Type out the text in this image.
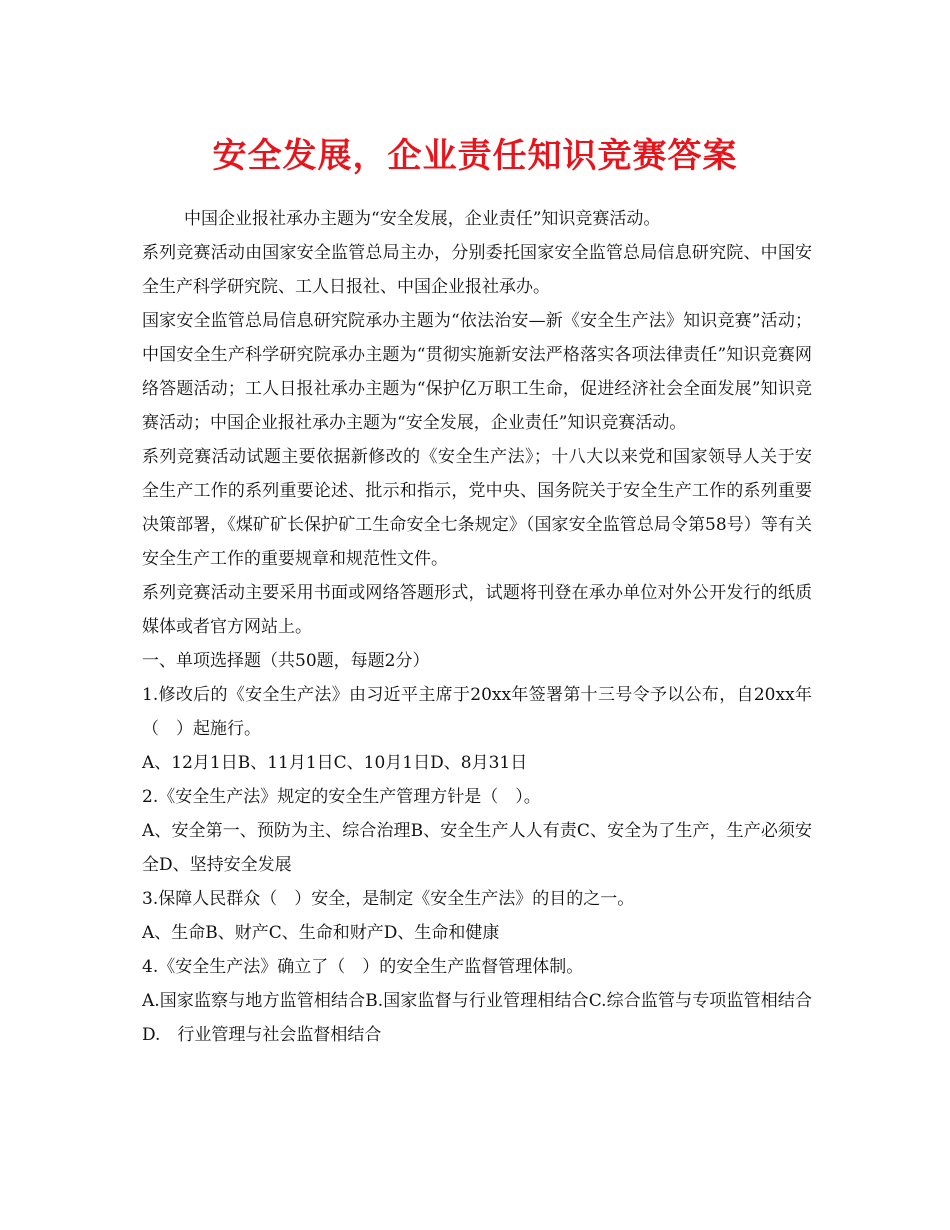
安全发展，企业责任知识竞赛答案

中国企业报社承办主题为“安全发展，企业责任”知识竞赛活动。

系列竞赛活动由国家安全监管总局主办，分别委托国家安全监管总局信息研究院、中国安全生产科学研究院、工人日报社、中国企业报社承办。

国家安全监管总局信息研究院承办主题为“依法治安—新《安全生产法》知识竞赛”活动；中国安全生产科学研究院承办主题为“贯彻实施新安法严格落实各项法律责任”知识竞赛网络答题活动；工人日报社承办主题为“保护亿万职工生命，促进经济社会全面发展”知识竞赛活动；中国企业报社承办主题为“安全发展，企业责任”知识竞赛活动。

系列竞赛活动试题主要依据新修改的《安全生产法》；十八大以来党和国家领导人关于安全生产工作的系列重要论述、批示和指示，党中央、国务院关于安全生产工作的系列重要决策部署，《煤矿矿长保护矿工生命安全七条规定》（国家安全监管总局令第58号）等有关安全生产工作的重要规章和规范性文件。

系列竞赛活动主要采用书面或网络答题形式，试题将刊登在承办单位对外公开发行的纸质媒体或者官方网站上。

一、单项选择题（共50题，每题2分）

1.修改后的《安全生产法》由习近平主席于20xx年签署第十三号令予以公布，自20xx年（　）起施行。

A、12月1日B、11月1日C、10月1日D、8月31日

2.《安全生产法》规定的安全生产管理方针是（　）。

A、安全第一、预防为主、综合治理B、安全生产人人有责C、安全为了生产，生产必须安全D、坚持安全发展

3.保障人民群众（　）安全，是制定《安全生产法》的目的之一。

A、生命B、财产C、生命和财产D、生命和健康

4.《安全生产法》确立了（　）的安全生产监督管理体制。

A.国家监察与地方监管相结合B.国家监督与行业管理相结合C.综合监管与专项监管相结合D.　行业管理与社会监督相结合
